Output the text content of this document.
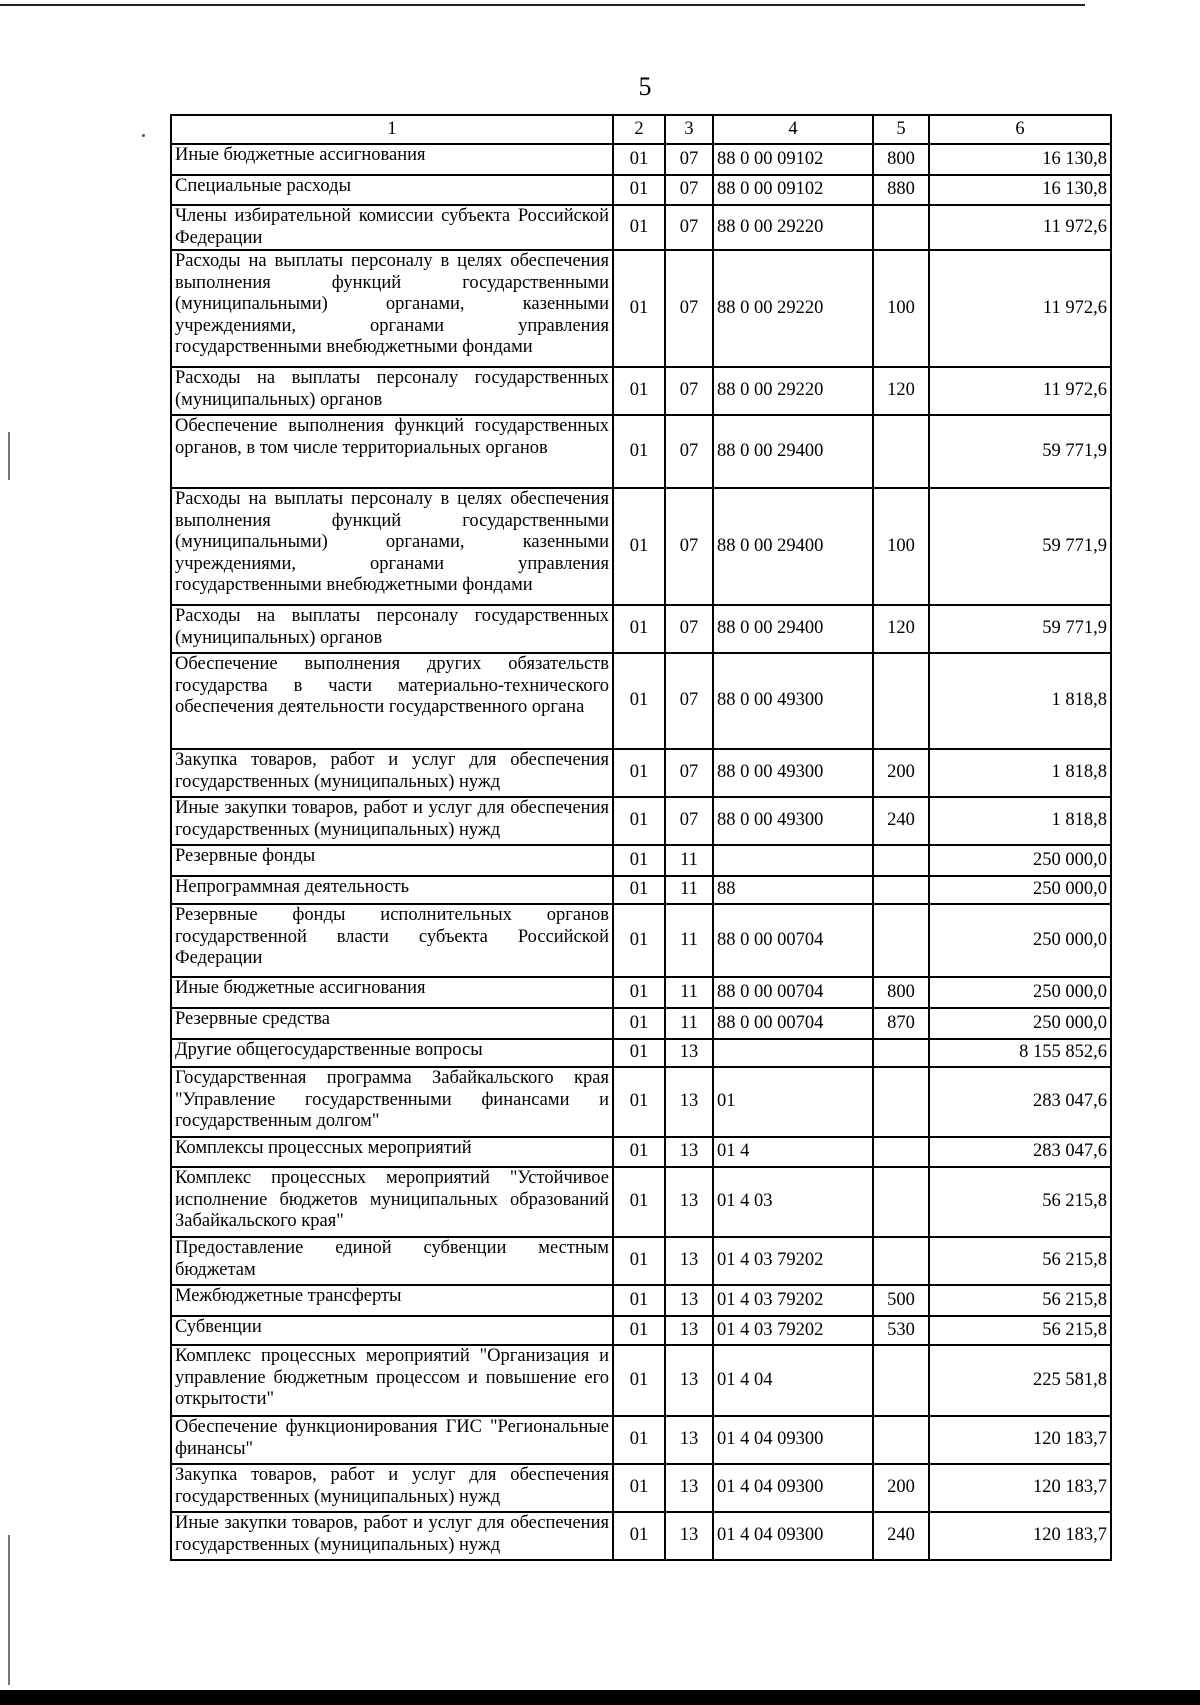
5
1	2	3	4	5	6
Иные бюджетные ассигнования	01	07	88 0 00 09102	800	16 130,8
Специальные расходы	01	07	88 0 00 09102	880	16 130,8
Члены избирательной комиссии субъекта Российской Федерации	01	07	88 0 00 29220		11 972,6
Расходы на выплаты персоналу в целях обеспечения выполнения функций государственными (муниципальными) органами, казенными учреждениями, органами управления государственными внебюджетными фондами	01	07	88 0 00 29220	100	11 972,6
Расходы на выплаты персоналу государственных (муниципальных) органов	01	07	88 0 00 29220	120	11 972,6
Обеспечение выполнения функций государственных органов, в том числе территориальных органов	01	07	88 0 00 29400		59 771,9
Расходы на выплаты персоналу в целях обеспечения выполнения функций государственными (муниципальными) органами, казенными учреждениями, органами управления государственными внебюджетными фондами	01	07	88 0 00 29400	100	59 771,9
Расходы на выплаты персоналу государственных (муниципальных) органов	01	07	88 0 00 29400	120	59 771,9
Обеспечение выполнения других обязательств государства в части материально-технического обеспечения деятельности государственного органа	01	07	88 0 00 49300		1 818,8
Закупка товаров, работ и услуг для обеспечения государственных (муниципальных) нужд	01	07	88 0 00 49300	200	1 818,8
Иные закупки товаров, работ и услуг для обеспечения государственных (муниципальных) нужд	01	07	88 0 00 49300	240	1 818,8
Резервные фонды	01	11			250 000,0
Непрограммная деятельность	01	11	88		250 000,0
Резервные фонды исполнительных органов государственной власти субъекта Российской Федерации	01	11	88 0 00 00704		250 000,0
Иные бюджетные ассигнования	01	11	88 0 00 00704	800	250 000,0
Резервные средства	01	11	88 0 00 00704	870	250 000,0
Другие общегосударственные вопросы	01	13			8 155 852,6
Государственная программа Забайкальского края "Управление государственными финансами и государственным долгом"	01	13	01		283 047,6
Комплексы процессных мероприятий	01	13	01 4		283 047,6
Комплекс процессных мероприятий "Устойчивое исполнение бюджетов муниципальных образований Забайкальского края"	01	13	01 4 03		56 215,8
Предоставление единой субвенции местным бюджетам	01	13	01 4 03 79202		56 215,8
Межбюджетные трансферты	01	13	01 4 03 79202	500	56 215,8
Субвенции	01	13	01 4 03 79202	530	56 215,8
Комплекс процессных мероприятий "Организация и управление бюджетным процессом и повышение его открытости"	01	13	01 4 04		225 581,8
Обеспечение функционирования ГИС "Региональные финансы"	01	13	01 4 04 09300		120 183,7
Закупка товаров, работ и услуг для обеспечения государственных (муниципальных) нужд	01	13	01 4 04 09300	200	120 183,7
Иные закупки товаров, работ и услуг для обеспечения государственных (муниципальных) нужд	01	13	01 4 04 09300	240	120 183,7
